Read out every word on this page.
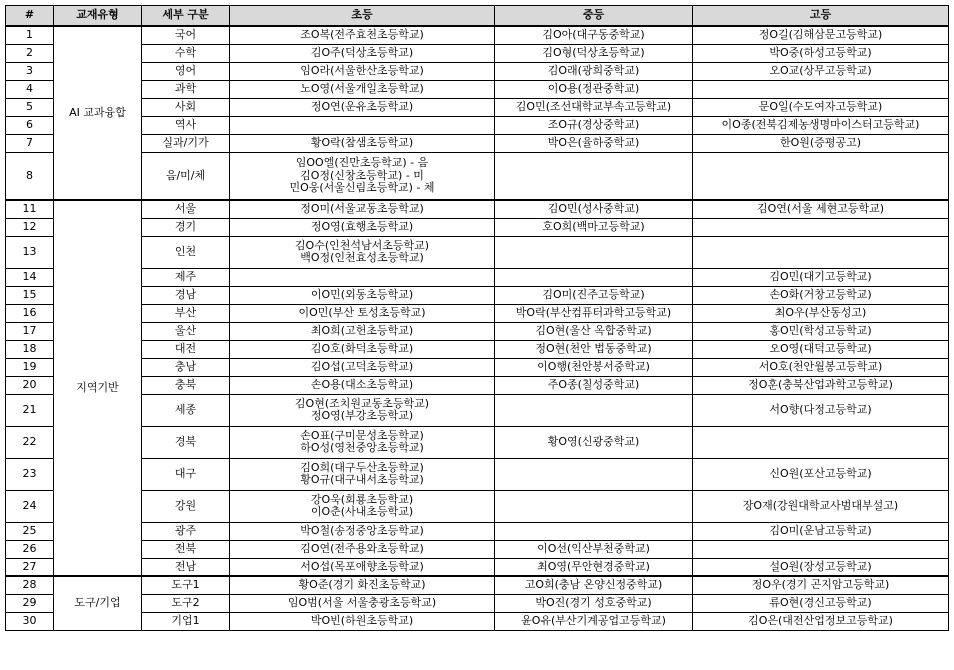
#	교재유형	세부 구분	초등	중등	고등
1	AI 교과융합	국어	조O복(전주효천초등학교)	김O아(대구동중학교)	정O길(김해삼문고등학교)

2		수학	김O주(덕상초등학교)	김O형(덕상초등학교)	박O중(하성고등학교)

3		영어	임O라(서울한산초등학교)	김O래(광희중학교)	오O교(상무고등학교)

4		과학	노O영(서울개일초등학교)	이O용(정관중학교)	

5		사회	정O연(운유초등학교)	김O민(조선대학교부속고등학교)	문O일(수도여자고등학교)

6		역사		조O규(경상중학교)	이O종(전북김제농생명마이스터고등학교)

7		실과/기가	황O락(참샘초등학교)	박O은(율하중학교)	한O원(증평공고)

8		음/미/체	임OO엘(진만초등학교) - 음
김O정(신창초등학교) - 미
민O웅(서울신림초등학교) - 체		

11	지역기반	서울	정O미(서울교동초등학교)	김O민(성사중학교)	김O연(서울 세현고등학교)

12		경기	정O영(효행초등학교)	호O희(백마고등학교)	

13		인천	김O수(인천석남서초등학교)
백O정(인천효성초등학교)		

14		제주			김O민(대기고등학교)

15		경남	이O민(외동초등학교)	김O미(진주고등학교)	손O화(거창고등학교)

16		부산	이O민(부산 토성초등학교)	박O락(부산컴퓨터과학고등학교)	최O우(부산동성고)

17		울산	최O희(고헌초등학교)	김O현(울산 옥합중학교)	홍O민(학성고등학교)

18		대전	김O호(화덕초등학교)	정O현(천안 법동중학교)	오O영(대덕고등학교)

19		충남	김O섭(고덕초등학교)	이O행(천안봉서중학교)	서O호(천안월봉고등학교)

20		충북	손O용(대소초등학교)	주O종(칠성중학교)	정O훈(충북산업과학고등학교)

21		세종	김O현(조치원교동초등학교)
정O영(부강초등학교)		서O향(다정고등학교)

22		경북	손O표(구미문성초등학교)
하O성(영천중앙초등학교)	황O영(신광중학교)	

23		대구	김O희(대구두산초등학교)
황O규(대구내서초등학교)		신O원(포산고등학교)

24		강원	강O욱(회룡초등학교)
이O춘(사내초등학교)		장O재(강원대학교사범대부설고)

25		광주	박O철(송정중앙초등학교)		김O미(운남고등학교)

26		전북	김O연(전주용와초등학교)	이O선(익산부천중학교)	

27		전남	서O섭(목포애향초등학교)	최O영(무안현경중학교)	설O원(장성고등학교)

28	도구/기업	도구1	황O준(경기 화진초등학교)	고O희(충남 온양신정중학교)	정O우(경기 곤지암고등학교)

29		도구2	임O범(서울 서울충광초등학교)	박O진(경기 성호중학교)	류O현(경신고등학교)

30		기업1	박O빈(하원초등학교)	윤O유(부산기계공업고등학교)	김O은(대전산업정보고등학교)
